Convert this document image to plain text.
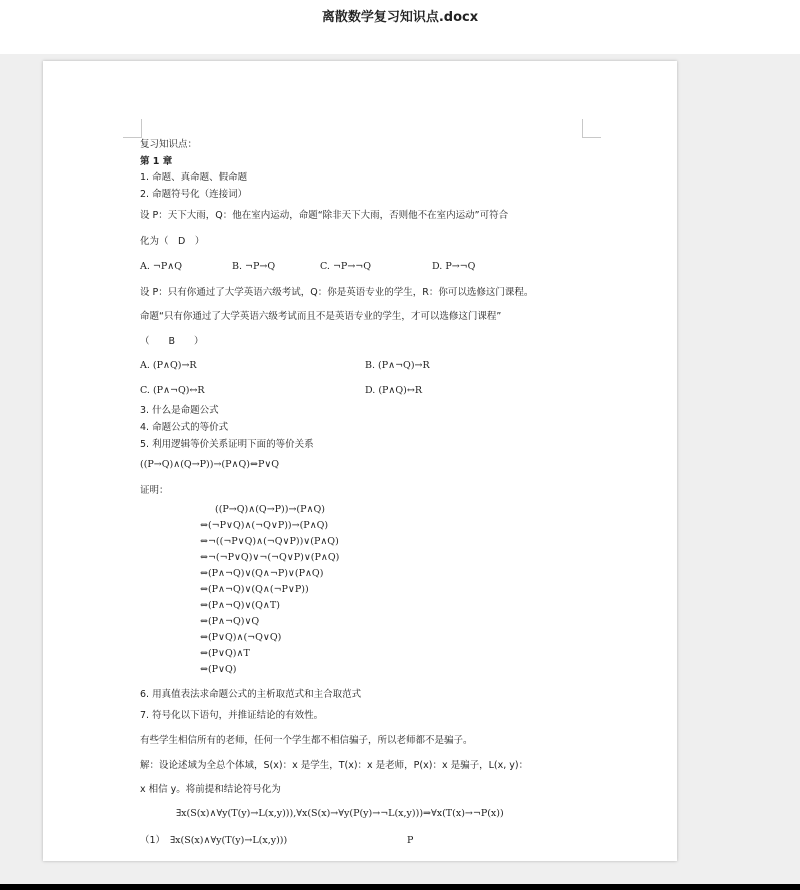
离散数学复习知识点.docx
复习知识点：
第 1 章
1. 命题、真命题、假命题
2. 命题符号化（连接词）
设 P：天下大雨，Q：他在室内运动，命题“除非天下大雨，否则他不在室内运动”可符合
化为（　D　）
A. ¬P∧Q	B. ¬P→Q	C. ¬P→¬Q	D. P→¬Q
设 P：只有你通过了大学英语六级考试，Q：你是英语专业的学生，R：你可以选修这门课程。
命题“只有你通过了大学英语六级考试而且不是英语专业的学生，才可以选修这门课程”
（　　B　　）
A. (P∧Q)→R	B. (P∧¬Q)→R
C. (P∧¬Q)↔R	D. (P∧Q)↔R
3. 什么是命题公式
4. 命题公式的等价式
5. 利用逻辑等价关系证明下面的等价关系
((P→Q)∧(Q→P))→(P∧Q)⇔P∨Q
证明：
((P→Q)∧(Q→P))→(P∧Q)
⇔(¬P∨Q)∧(¬Q∨P))→(P∧Q)
⇔¬((¬P∨Q)∧(¬Q∨P))∨(P∧Q)
⇔¬(¬P∨Q)∨¬(¬Q∨P)∨(P∧Q)
⇔(P∧¬Q)∨(Q∧¬P)∨(P∧Q)
⇔(P∧¬Q)∨(Q∧(¬P∨P))
⇔(P∧¬Q)∨(Q∧T)
⇔(P∧¬Q)∨Q
⇔(P∨Q)∧(¬Q∨Q)
⇔(P∨Q)∧T
⇔(P∨Q)
6. 用真值表法求命题公式的主析取范式和主合取范式
7. 符号化以下语句，并推证结论的有效性。
有些学生相信所有的老师，任何一个学生都不相信骗子，所以老师都不是骗子。
解：设论述域为全总个体域，S(x)：x 是学生，T(x)：x 是老师，P(x)：x 是骗子，L(x, y)：
x 相信 y。将前提和结论符号化为
∃x(S(x)∧∀y(T(y)→L(x,y))),∀x(S(x)→∀y(P(y)→¬L(x,y)))⇒∀x(T(x)→¬P(x))
（1） ∃x(S(x)∧∀y(T(y)→L(x,y)))	P
